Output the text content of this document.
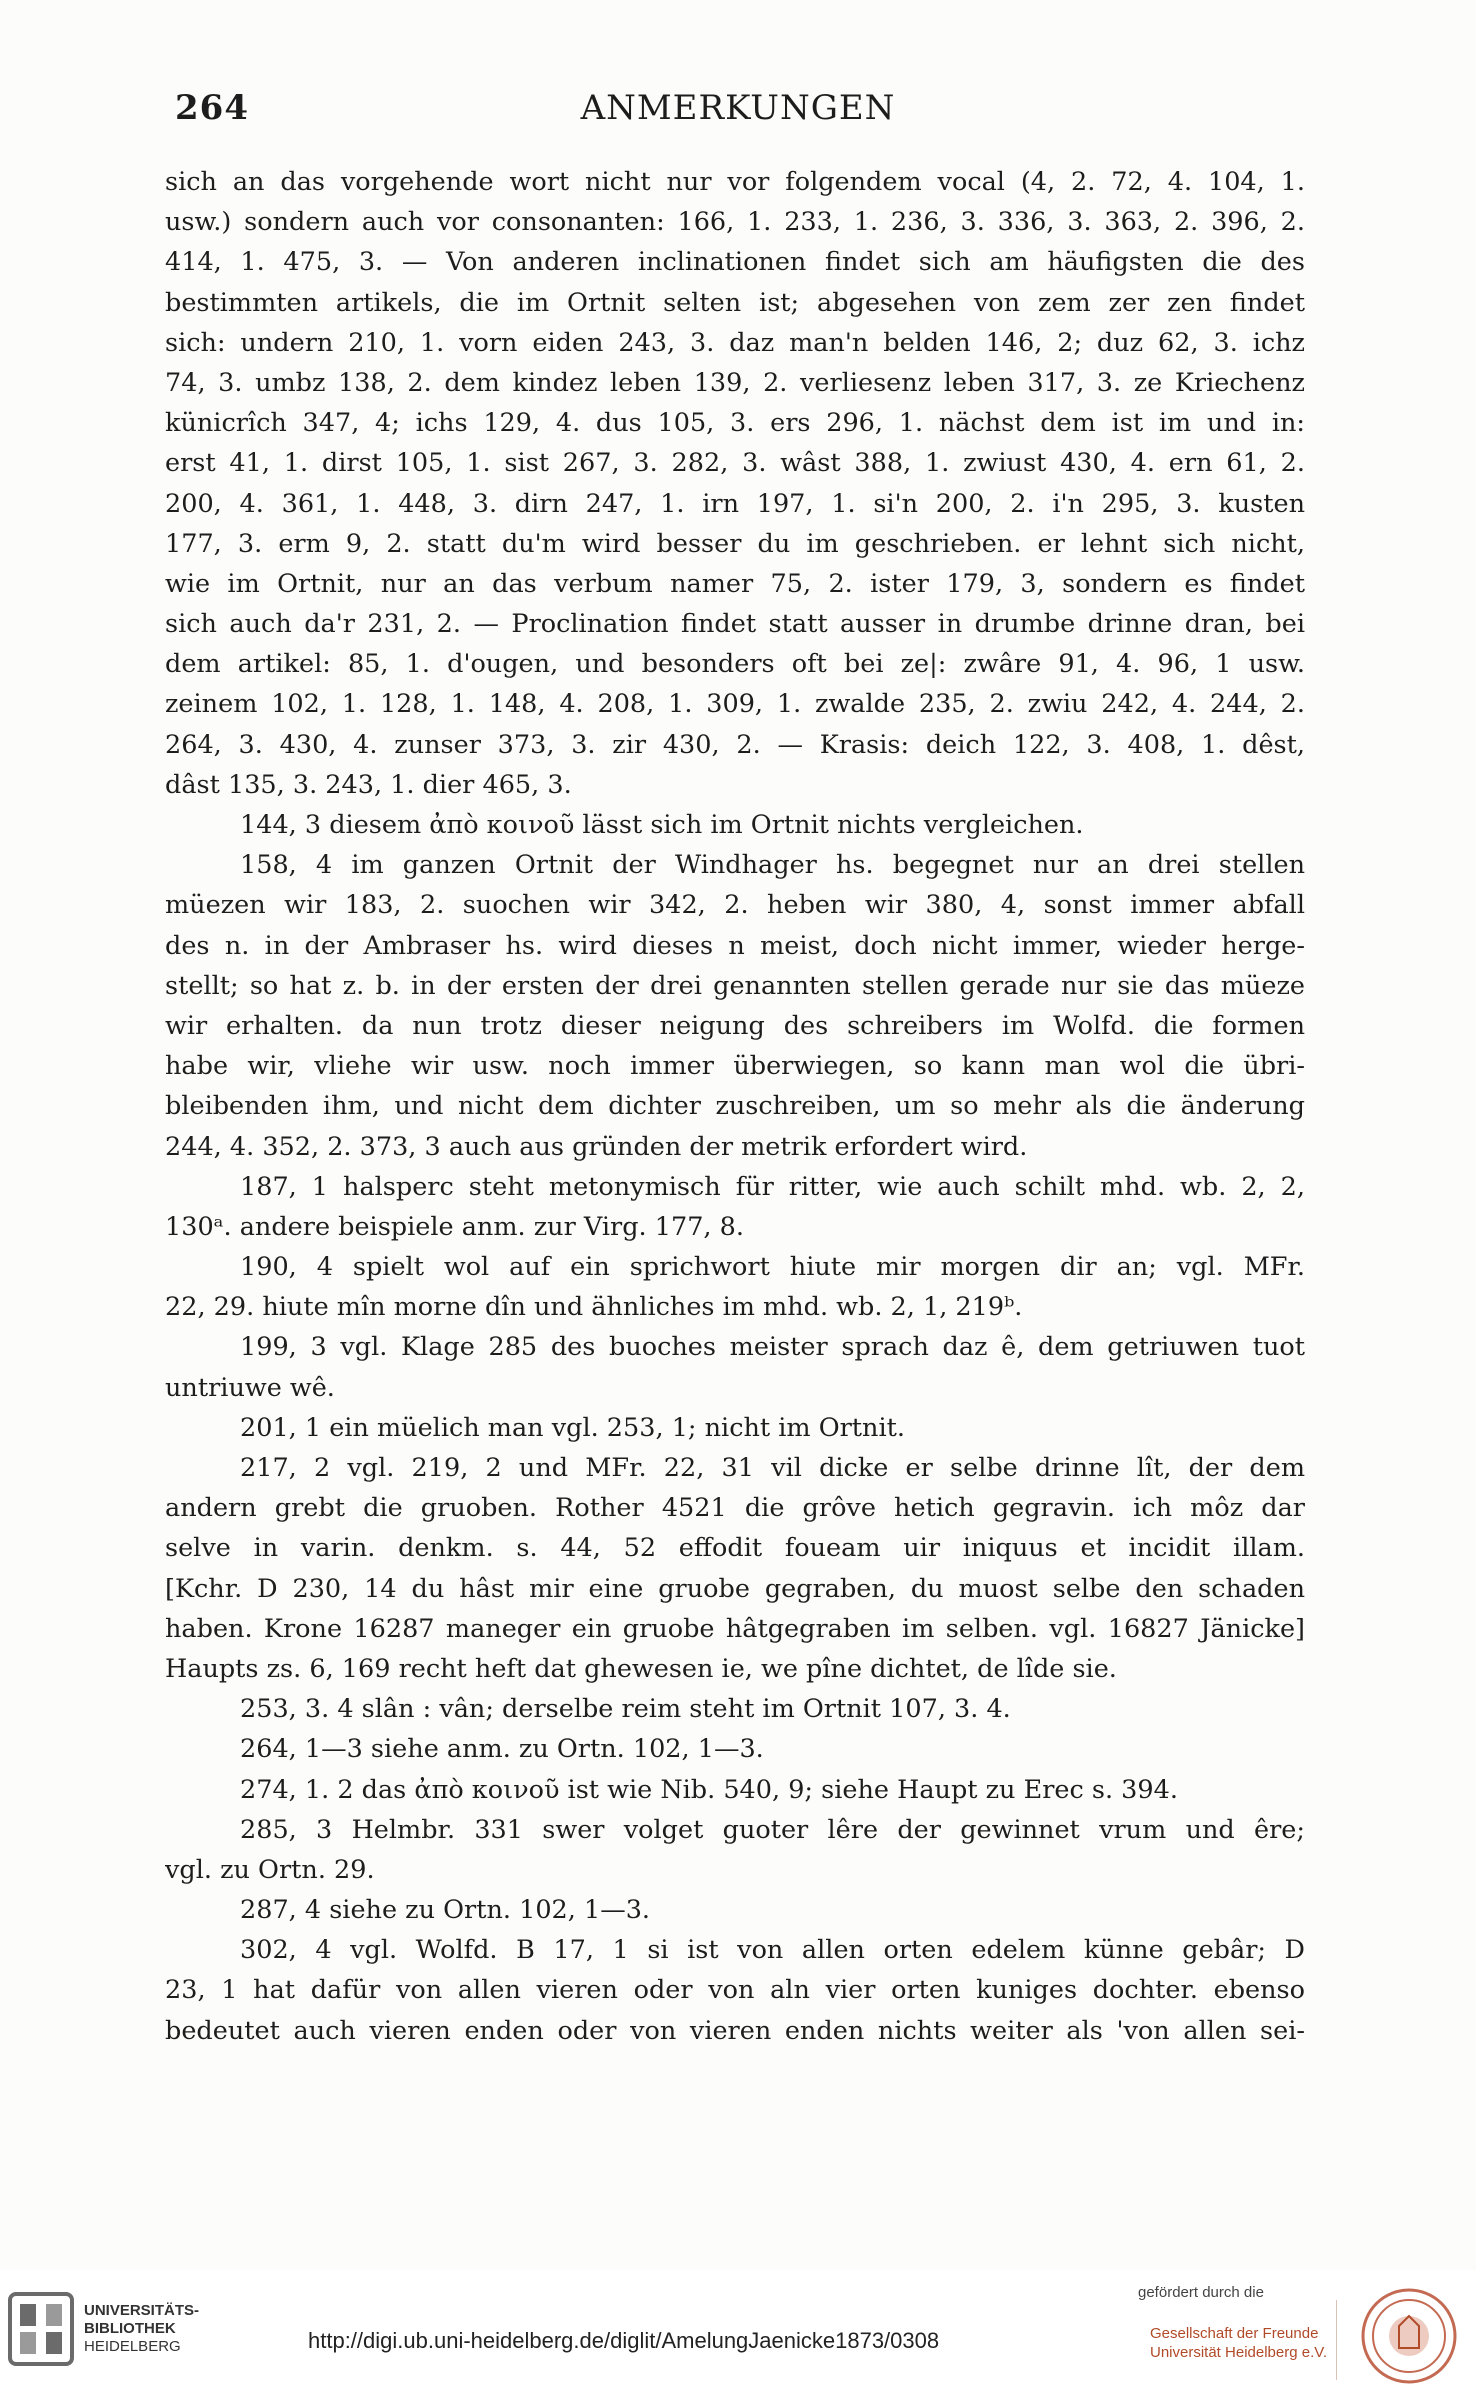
264	ANMERKUNGEN
sich an das vorgehende wort nicht nur vor folgendem vocal (4, 2. 72, 4. 104, 1.
usw.) sondern auch vor consonanten: 166, 1. 233, 1. 236, 3. 336, 3. 363, 2. 396, 2.
414, 1. 475, 3. — Von anderen inclinationen findet sich am häufigsten die des
bestimmten artikels, die im Ortnit selten ist; abgesehen von zem zer zen findet
sich: undern 210, 1. vorn eiden 243, 3. daz man'n belden 146, 2; duz 62, 3. ichz
74, 3. umbz 138, 2. dem kindez leben 139, 2. verliesenz leben 317, 3. ze Kriechenz
künicrîch 347, 4; ichs 129, 4. dus 105, 3. ers 296, 1. nächst dem ist im und in:
erst 41, 1. dirst 105, 1. sist 267, 3. 282, 3. wâst 388, 1. zwiust 430, 4. ern 61, 2.
200, 4. 361, 1. 448, 3. dirn 247, 1. irn 197, 1. si'n 200, 2. i'n 295, 3. kusten
177, 3. erm 9, 2. statt du'm wird besser du im geschrieben. er lehnt sich nicht,
wie im Ortnit, nur an das verbum namer 75, 2. ister 179, 3, sondern es findet
sich auch da'r 231, 2. — Proclination findet statt ausser in drumbe drinne dran, bei
dem artikel: 85, 1. d'ougen, und besonders oft bei ze|: zwâre 91, 4. 96, 1 usw.
zeinem 102, 1. 128, 1. 148, 4. 208, 1. 309, 1. zwalde 235, 2. zwiu 242, 4. 244, 2.
264, 3. 430, 4. zunser 373, 3. zir 430, 2. — Krasis: deich 122, 3. 408, 1. dêst,
dâst 135, 3. 243, 1. dier 465, 3.
144, 3 diesem ἀπὸ κοινοῦ lässt sich im Ortnit nichts vergleichen.
158, 4 im ganzen Ortnit der Windhager hs. begegnet nur an drei stellen
müezen wir 183, 2. suochen wir 342, 2. heben wir 380, 4, sonst immer abfall
des n. in der Ambraser hs. wird dieses n meist, doch nicht immer, wieder herge-
stellt; so hat z. b. in der ersten der drei genannten stellen gerade nur sie das müeze
wir erhalten. da nun trotz dieser neigung des schreibers im Wolfd. die formen
habe wir, vliehe wir usw. noch immer überwiegen, so kann man wol die übri-
bleibenden ihm, und nicht dem dichter zuschreiben, um so mehr als die änderung
244, 4. 352, 2. 373, 3 auch aus gründen der metrik erfordert wird.
187, 1 halsperc steht metonymisch für ritter, wie auch schilt mhd. wb. 2, 2,
130ᵃ. andere beispiele anm. zur Virg. 177, 8.
190, 4 spielt wol auf ein sprichwort hiute mir morgen dir an; vgl. MFr.
22, 29. hiute mîn morne dîn und ähnliches im mhd. wb. 2, 1, 219ᵇ.
199, 3 vgl. Klage 285 des buoches meister sprach daz ê, dem getriuwen tuot
untriuwe wê.
201, 1 ein müelich man vgl. 253, 1; nicht im Ortnit.
217, 2 vgl. 219, 2 und MFr. 22, 31 vil dicke er selbe drinne lît, der dem
andern grebt die gruoben. Rother 4521 die grôve hetich gegravin. ich môz dar
selve in varin. denkm. s. 44, 52 effodit foueam uir iniquus et incidit illam.
[Kchr. D 230, 14 du hâst mir eine gruobe gegraben, du muost selbe den schaden
haben. Krone 16287 maneger ein gruobe hâtgegraben im selben. vgl. 16827 Jänicke]
Haupts zs. 6, 169 recht heft dat ghewesen ie, we pîne dichtet, de lîde sie.
253, 3. 4 slân : vân; derselbe reim steht im Ortnit 107, 3. 4.
264, 1—3 siehe anm. zu Ortn. 102, 1—3.
274, 1. 2 das ἀπὸ κοινοῦ ist wie Nib. 540, 9; siehe Haupt zu Erec s. 394.
285, 3 Helmbr. 331 swer volget guoter lêre der gewinnet vrum und êre;
vgl. zu Ortn. 29.
287, 4 siehe zu Ortn. 102, 1—3.
302, 4 vgl. Wolfd. B 17, 1 si ist von allen orten edelem künne gebâr; D
23, 1 hat dafür von allen vieren oder von aln vier orten kuniges dochter. ebenso
bedeutet auch vieren enden oder von vieren enden nichts weiter als 'von allen sei-
UNIVERSITÄTS-
BIBLIOTHEK
HEIDELBERG	http://digi.ub.uni-heidelberg.de/diglit/AmelungJaenicke1873/0308
gefördert durch die
Gesellschaft der Freunde
Universität Heidelberg e.V.
